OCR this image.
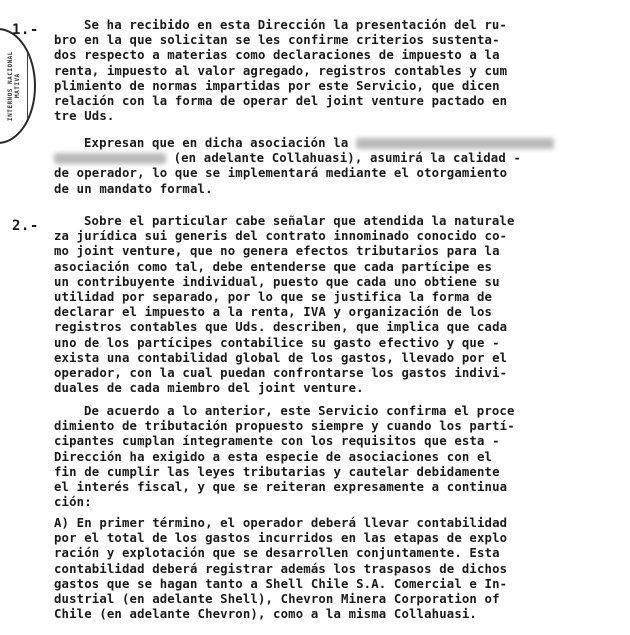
INTERNOS NACIONAL MATIVA
1.-
2.-
Se ha recibido en esta Dirección la presentación del ru-
bro en la que solicitan se les confirme criterios sustenta-
dos respecto a materias como declaraciones de impuesto a la
renta, impuesto al valor agregado, registros contables y cum
plimiento de normas impartidas por este Servicio, que dicen
relación con la forma de operar del joint venture pactado en
tre Uds.
Expresan que en dicha asociación la
(en adelante Collahuasi), asumirá la calidad -
de operador, lo que se implementará mediante el otorgamiento
de un mandato formal.
Sobre el particular cabe señalar que atendida la naturale
za jurídica sui generis del contrato innominado conocido co-
mo joint venture, que no genera efectos tributarios para la
asociación como tal, debe entenderse que cada partícipe es
un contribuyente individual, puesto que cada uno obtiene su
utilidad por separado, por lo que se justifica la forma de
declarar el impuesto a la renta, IVA y organización de los
registros contables que Uds. describen, que implica que cada
uno de los partícipes contabilice su gasto efectivo y que -
exista una contabilidad global de los gastos, llevado por el
operador, con la cual puedan confrontarse los gastos indivi-
duales de cada miembro del joint venture.
De acuerdo a lo anterior, este Servicio confirma el proce
dimiento de tributación propuesto siempre y cuando los partí-
cipantes cumplan íntegramente con los requisitos que esta -
Dirección ha exigido a esta especie de asociaciones con el
fin de cumplir las leyes tributarias y cautelar debidamente
el interés fiscal, y que se reiteran expresamente a continua
ción:
A) En primer término, el operador deberá llevar contabilidad
por el total de los gastos incurridos en las etapas de explo
ración y explotación que se desarrollen conjuntamente. Esta
contabilidad deberá registrar además los traspasos de dichos
gastos que se hagan tanto a Shell Chile S.A. Comercial e In-
dustrial (en adelante Shell), Chevron Minera Corporation of
Chile (en adelante Chevron), como a la misma Collahuasi.
